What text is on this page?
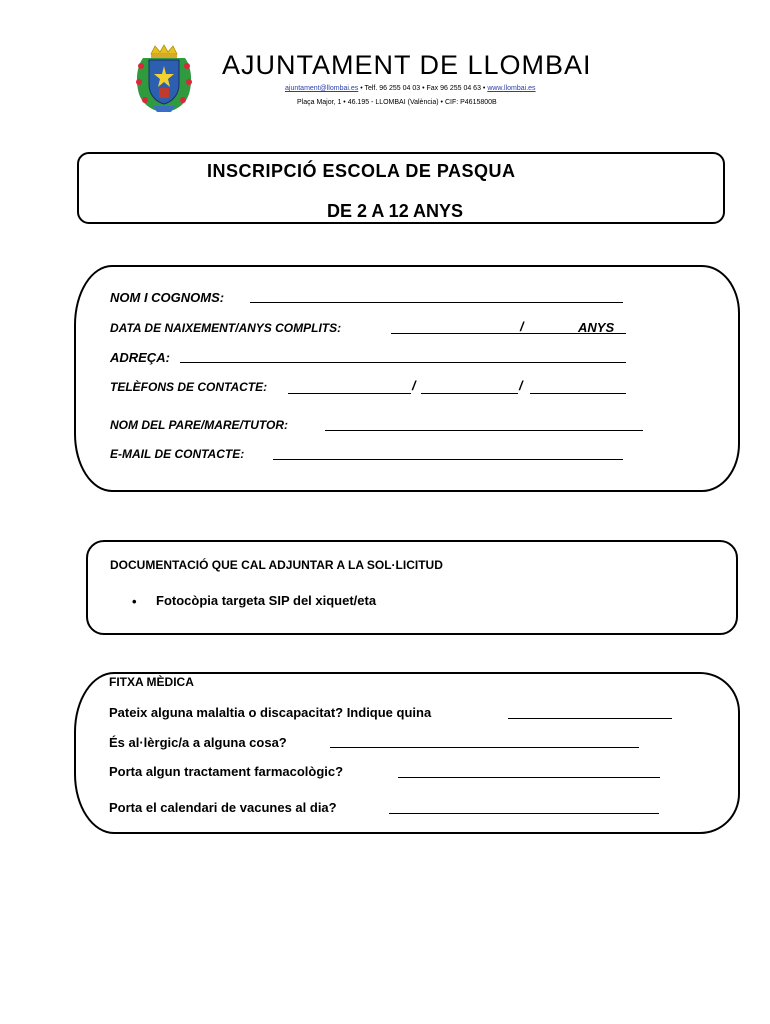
AJUNTAMENT DE LLOMBAI
ajuntament@llombai.es • Telf. 96 255 04 03 • Fax 96 255 04 63 • www.llombai.es
Plaça Major, 1 • 46.195 - LLOMBAI (València) • CIF: P4615800B
INSCRIPCIÓ ESCOLA DE PASQUA
DE 2 A 12 ANYS
NOM I COGNOMS:
DATA DE NAIXEMENT/ANYS COMPLITS:	/	ANYS
ADREÇA:
TELÈFONS DE CONTACTE:	/	/
NOM DEL PARE/MARE/TUTOR:
E-MAIL DE CONTACTE:
DOCUMENTACIÓ QUE CAL ADJUNTAR A LA SOL·LICITUD
• Fotocòpia targeta SIP del xiquet/eta
FITXA MÈDICA
Pateix alguna malaltia o discapacitat? Indique quina
És al·lèrgic/a a alguna cosa?
Porta algun tractament farmacològic?
Porta el calendari de vacunes al dia?
